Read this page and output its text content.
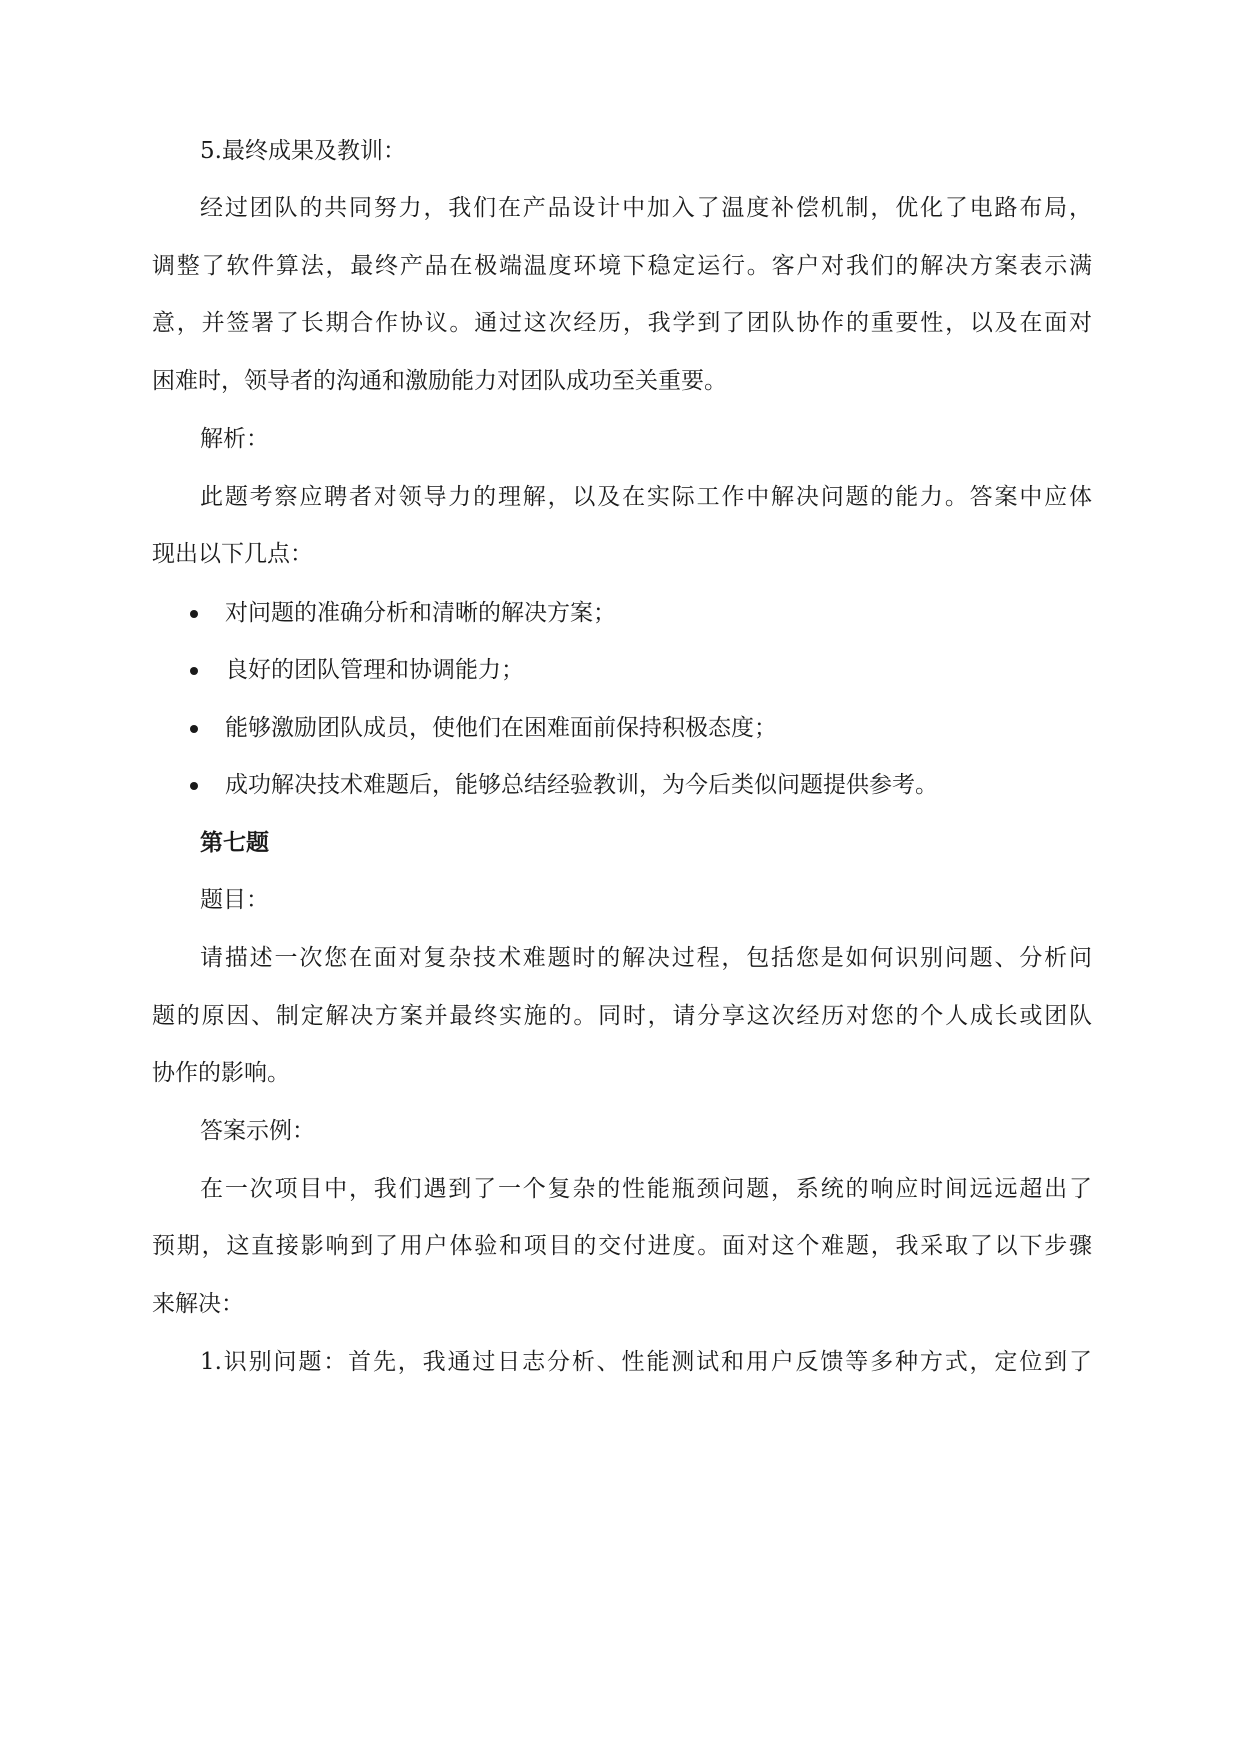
5.最终成果及教训：
经过团队的共同努力，我们在产品设计中加入了温度补偿机制，优化了电路布局，
调整了软件算法，最终产品在极端温度环境下稳定运行。客户对我们的解决方案表示满
意，并签署了长期合作协议。通过这次经历，我学到了团队协作的重要性，以及在面对
困难时，领导者的沟通和激励能力对团队成功至关重要。
解析：
此题考察应聘者对领导力的理解，以及在实际工作中解决问题的能力。答案中应体
现出以下几点：
对问题的准确分析和清晰的解决方案；
良好的团队管理和协调能力；
能够激励团队成员，使他们在困难面前保持积极态度；
成功解决技术难题后，能够总结经验教训，为今后类似问题提供参考。
第七题
题目：
请描述一次您在面对复杂技术难题时的解决过程，包括您是如何识别问题、分析问
题的原因、制定解决方案并最终实施的。同时，请分享这次经历对您的个人成长或团队
协作的影响。
答案示例：
在一次项目中，我们遇到了一个复杂的性能瓶颈问题，系统的响应时间远远超出了
预期，这直接影响到了用户体验和项目的交付进度。面对这个难题，我采取了以下步骤
来解决：
1.识别问题：首先，我通过日志分析、性能测试和用户反馈等多种方式，定位到了
